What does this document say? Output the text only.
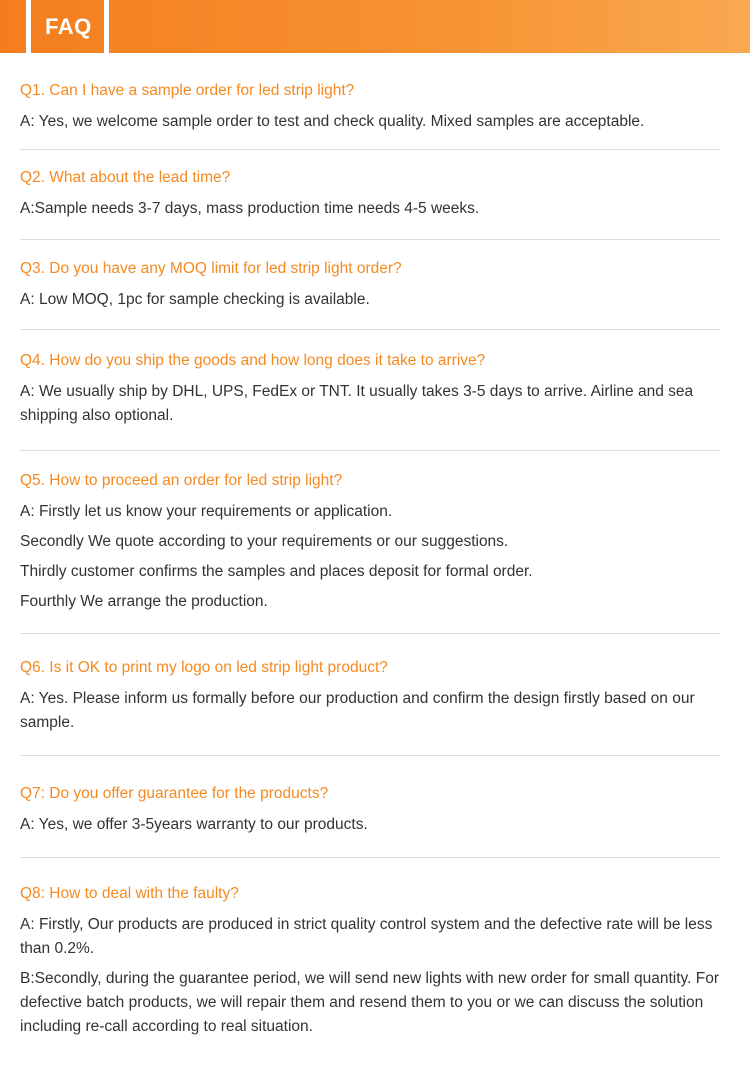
FAQ

Q1. Can I have a sample order for led strip light?

A: Yes, we welcome sample order to test and check quality. Mixed samples are acceptable.

Q2. What about the lead time?

A:Sample needs 3-7 days, mass production time needs 4-5 weeks.

Q3. Do you have any MOQ limit for led strip light order?

A: Low MOQ, 1pc for sample checking is available.

Q4. How do you ship the goods and how long does it take to arrive?

A: We usually ship by DHL, UPS, FedEx or TNT. It usually takes 3-5 days to arrive. Airline and sea shipping also optional.

Q5. How to proceed an order for led strip light?

A: Firstly let us know your requirements or application.

Secondly We quote according to your requirements or our suggestions.

Thirdly customer confirms the samples and places deposit for formal order.

Fourthly We arrange the production.

Q6. Is it OK to print my logo on led strip light product?

A: Yes. Please inform us formally before our production and confirm the design firstly based on our sample.

Q7: Do you offer guarantee for the products?

A: Yes, we offer 3-5years warranty to our products.

Q8: How to deal with the faulty?

A: Firstly, Our products are produced in strict quality control system and the defective rate will be less than 0.2%.

B:Secondly, during the guarantee period, we will send new lights with new order for small quantity. For defective batch products, we will repair them and resend them to you or we can discuss the solution including re-call according to real situation.
